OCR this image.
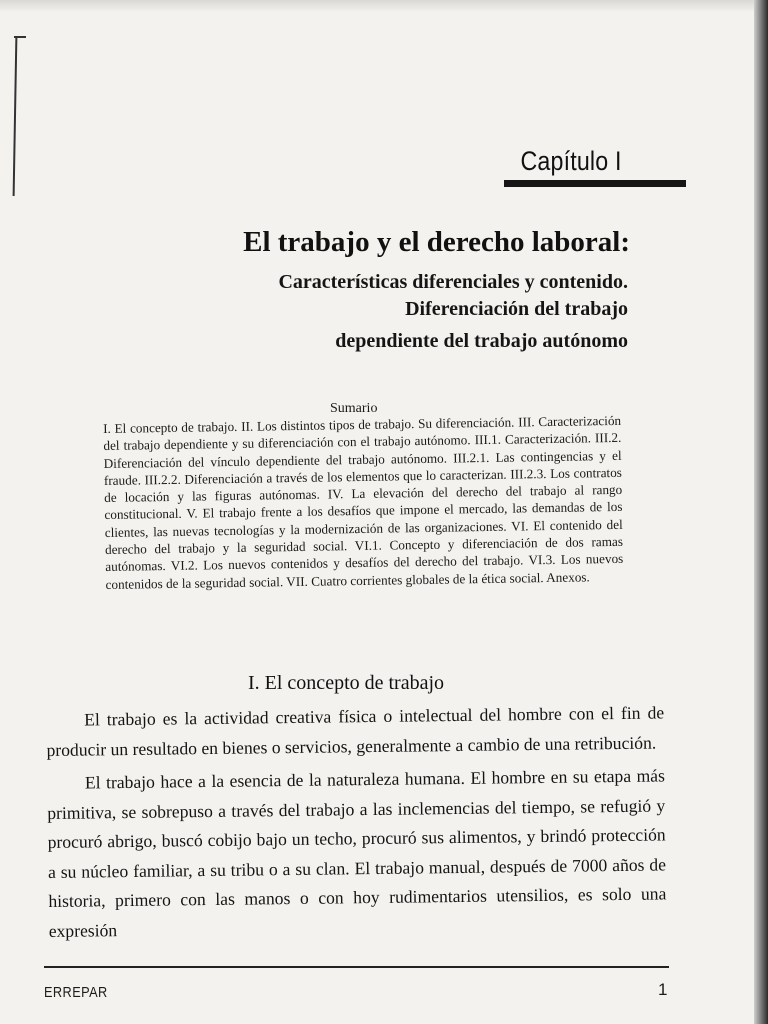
Capítulo I
El trabajo y el derecho laboral:
Características diferenciales y contenido.
Diferenciación del trabajo
dependiente del trabajo autónomo
Sumario
I. El concepto de trabajo. II. Los distintos tipos de trabajo. Su diferenciación. III. Caracterización del trabajo dependiente y su diferenciación con el trabajo autónomo. III.1. Caracterización. III.2. Diferenciación del vínculo dependiente del trabajo autónomo. III.2.1. Las contingencias y el fraude. III.2.2. Diferenciación a través de los elementos que lo caracterizan. III.2.3. Los contratos de locación y las figuras autónomas. IV. La elevación del derecho del trabajo al rango constitucional. V. El trabajo frente a los desafíos que impone el mercado, las demandas de los clientes, las nuevas tecnologías y la modernización de las organizaciones. VI. El contenido del derecho del trabajo y la seguridad social. VI.1. Concepto y diferenciación de dos ramas autónomas. VI.2. Los nuevos contenidos y desafíos del derecho del trabajo. VI.3. Los nuevos contenidos de la seguridad social. VII. Cuatro corrientes globales de la ética social. Anexos.
I. El concepto de trabajo

El trabajo es la actividad creativa física o intelectual del hombre con el fin de producir un resultado en bienes o servicios, generalmente a cambio de una retribución.

El trabajo hace a la esencia de la naturaleza humana. El hombre en su etapa más primitiva, se sobrepuso a través del trabajo a las inclemencias del tiempo, se refugió y procuró abrigo, buscó cobijo bajo un techo, procuró sus alimentos, y brindó protección a su núcleo familiar, a su tribu o a su clan. El trabajo manual, después de 7000 años de historia, primero con las manos o con hoy rudimentarios utensilios, es solo una expresión

ERREPAR	1
